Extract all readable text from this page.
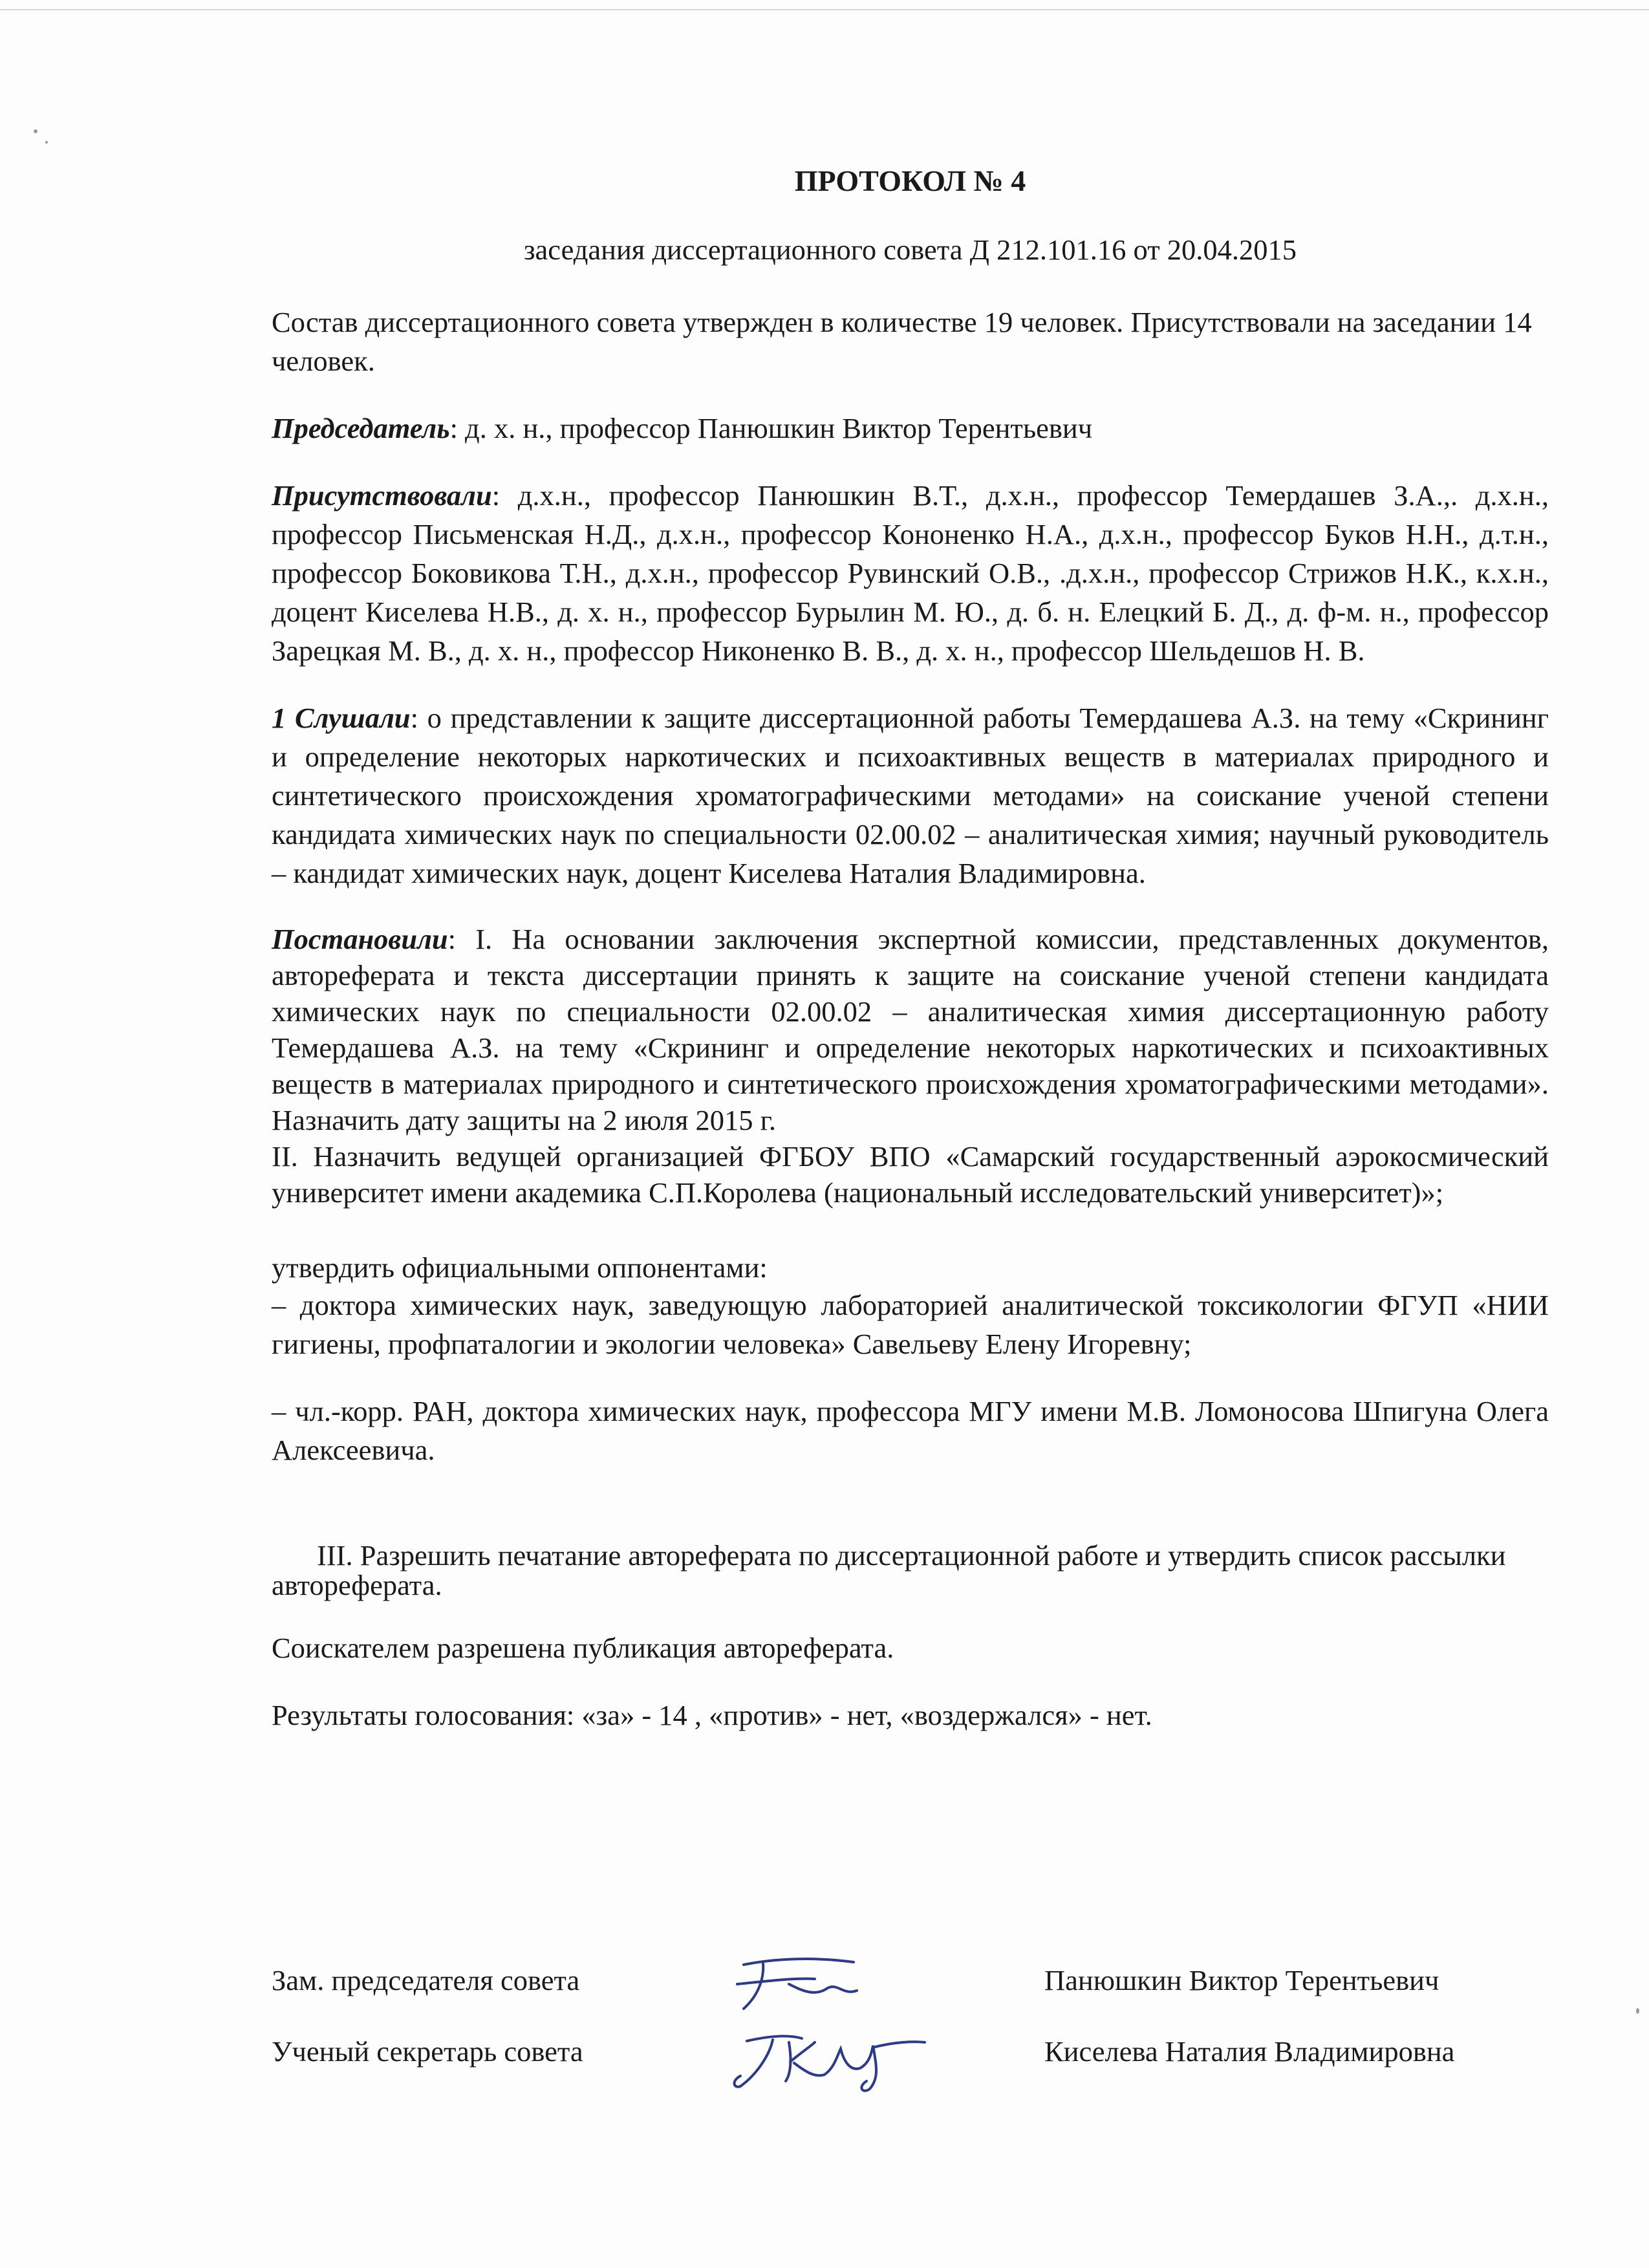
ПРОТОКОЛ № 4
заседания диссертационного совета Д 212.101.16 от 20.04.2015

Состав диссертационного совета утвержден в количестве 19 человек. Присутствовали на заседании 14 человек.

Председатель: д. х. н., профессор Панюшкин Виктор Терентьевич

Присутствовали: д.х.н., профессор Панюшкин В.Т., д.х.н., профессор Темердашев З.А.,. д.х.н., профессор Письменская Н.Д., д.х.н., профессор Кононенко Н.А., д.х.н., профессор Буков Н.Н., д.т.н., профессор Боковикова Т.Н., д.х.н., профессор Рувинский О.В., .д.х.н., профессор Стрижов Н.К., к.х.н., доцент Киселева Н.В., д. х. н., профессор Бурылин М. Ю., д. б. н. Елецкий Б. Д., д. ф-м. н., профессор Зарецкая М. В., д. х. н., профессор Никоненко В. В., д. х. н., профессор Шельдешов Н. В.

1 Слушали: о представлении к защите диссертационной работы Темердашева А.З. на тему «Скрининг и определение некоторых наркотических и психоактивных веществ в материалах природного и синтетического происхождения хроматографическими методами» на соискание ученой степени кандидата химических наук по специальности 02.00.02 – аналитическая химия; научный руководитель – кандидат химических наук, доцент Киселева Наталия Владимировна.

Постановили: I. На основании заключения экспертной комиссии, представленных документов, автореферата и текста диссертации принять к защите на соискание ученой степени кандидата химических наук по специальности 02.00.02 – аналитическая химия диссертационную работу Темердашева А.З. на тему «Скрининг и определение некоторых наркотических и психоактивных веществ в материалах природного и синтетического происхождения хроматографическими методами». Назначить дату защиты на 2 июля 2015 г.
II. Назначить ведущей организацией ФГБОУ ВПО «Самарский государственный аэрокосмический университет имени академика С.П.Королева (национальный исследовательский университет)»;
утвердить официальными оппонентами:
– доктора химических наук, заведующую лабораторией аналитической токсикологии ФГУП «НИИ гигиены, профпаталогии и экологии человека» Савельеву Елену Игоревну;
– чл.-корр. РАН, доктора химических наук, профессора МГУ имени М.В. Ломоносова Шпигуна Олега Алексеевича.
III. Разрешить печатание автореферата по диссертационной работе и утвердить список рассылки автореферата.
Соискателем разрешена публикация автореферата.
Результаты голосования: «за» - 14 , «против» - нет, «воздержался» - нет.
Зам. председателя совета	Панюшкин Виктор Терентьевич
Ученый секретарь совета	Киселева Наталия Владимировна
